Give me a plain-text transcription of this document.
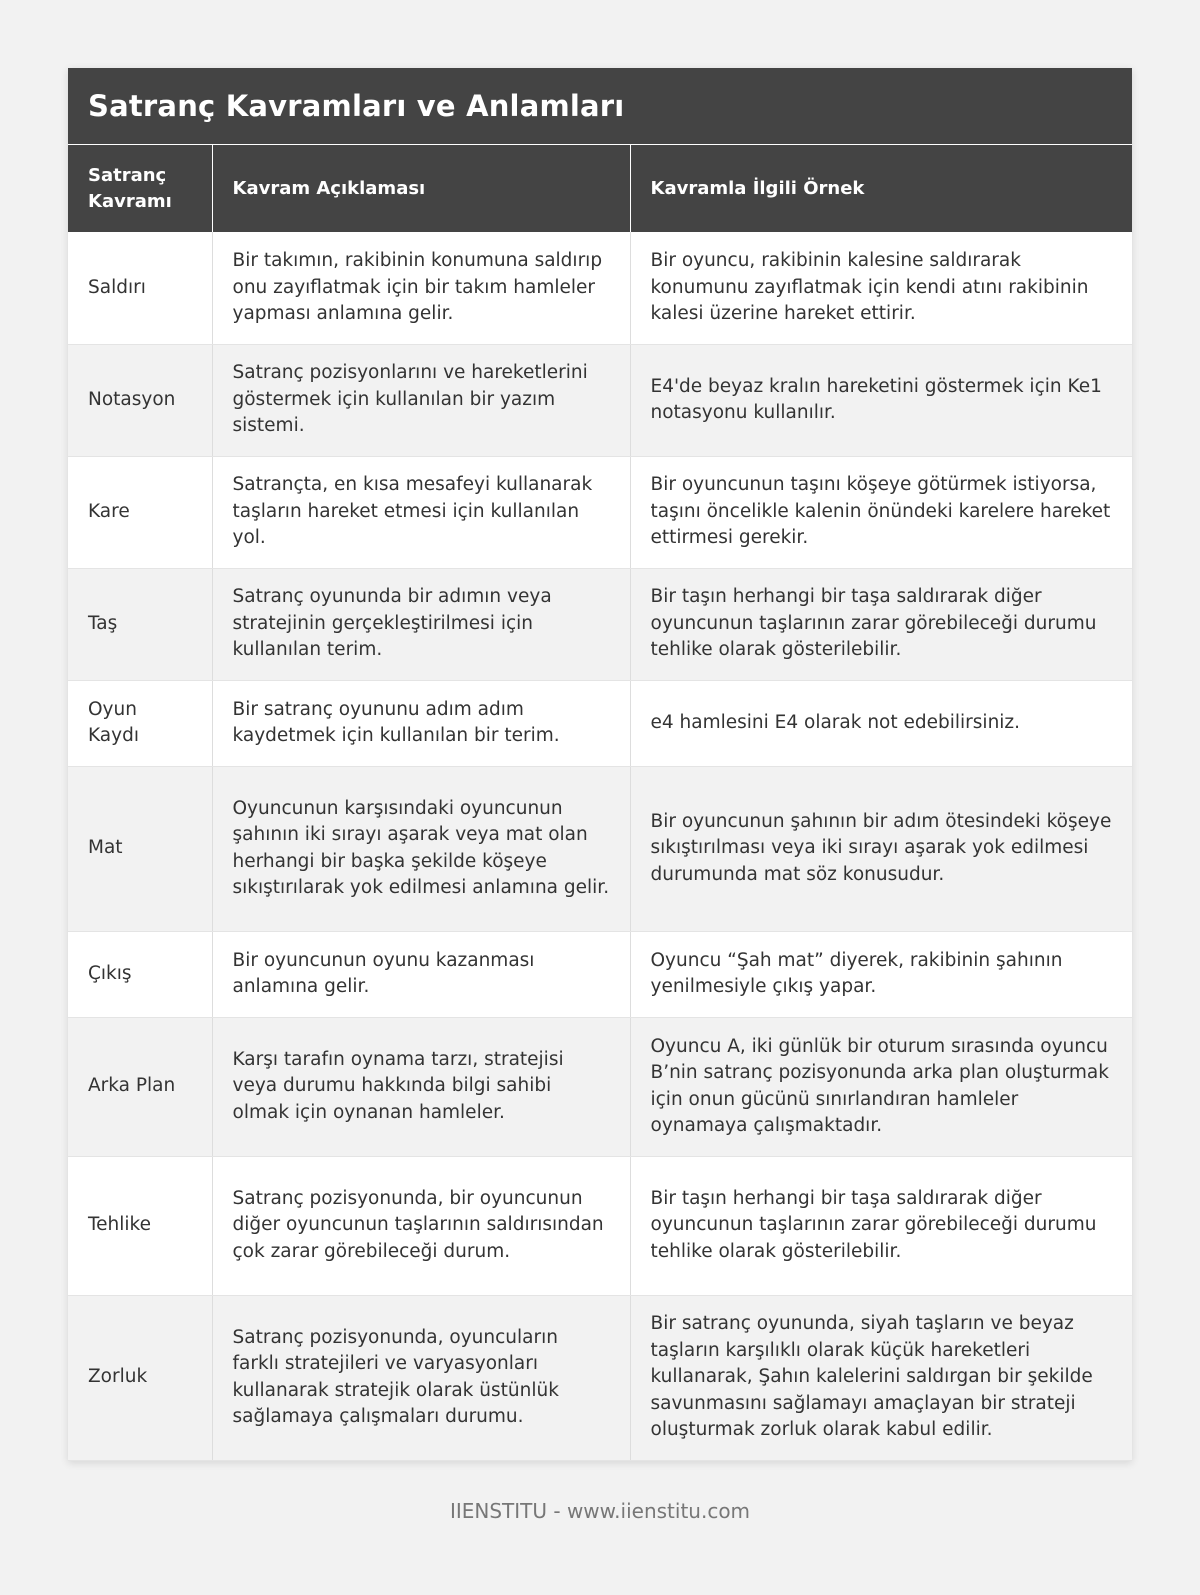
Satranç Kavramları ve Anlamları
Satranç Kavramı	Kavram Açıklaması	Kavramla İlgili Örnek
Saldırı	Bir takımın, rakibinin konumuna saldırıp onu zayıflatmak için bir takım hamleler yapması anlamına gelir.	Bir oyuncu, rakibinin kalesine saldırarak konumunu zayıflatmak için kendi atını rakibinin kalesi üzerine hareket ettirir.
Notasyon	Satranç pozisyonlarını ve hareketlerini göstermek için kullanılan bir yazım sistemi.	E4'de beyaz kralın hareketini göstermek için Ke1 notasyonu kullanılır.
Kare	Satrançta, en kısa mesafeyi kullanarak taşların hareket etmesi için kullanılan yol.	Bir oyuncunun taşını köşeye götürmek istiyorsa, taşını öncelikle kalenin önündeki karelere hareket ettirmesi gerekir.
Taş	Satranç oyununda bir adımın veya stratejinin gerçekleştirilmesi için kullanılan terim.	Bir taşın herhangi bir taşa saldırarak diğer oyuncunun taşlarının zarar görebileceği durumu tehlike olarak gösterilebilir.
Oyun Kaydı	Bir satranç oyununu adım adım kaydetmek için kullanılan bir terim.	e4 hamlesini E4 olarak not edebilirsiniz.
Mat	Oyuncunun karşısındaki oyuncunun şahının iki sırayı aşarak veya mat olan herhangi bir başka şekilde köşeye sıkıştırılarak yok edilmesi anlamına gelir.	Bir oyuncunun şahının bir adım ötesindeki köşeye sıkıştırılması veya iki sırayı aşarak yok edilmesi durumunda mat söz konusudur.
Çıkış	Bir oyuncunun oyunu kazanması anlamına gelir.	Oyuncu “Şah mat” diyerek, rakibinin şahının yenilmesiyle çıkış yapar.
Arka Plan	Karşı tarafın oynama tarzı, stratejisi veya durumu hakkında bilgi sahibi olmak için oynanan hamleler.	Oyuncu A, iki günlük bir oturum sırasında oyuncu B’nin satranç pozisyonunda arka plan oluşturmak için onun gücünü sınırlandıran hamleler oynamaya çalışmaktadır.
Tehlike	Satranç pozisyonunda, bir oyuncunun diğer oyuncunun taşlarının saldırısından çok zarar görebileceği durum.	Bir taşın herhangi bir taşa saldırarak diğer oyuncunun taşlarının zarar görebileceği durumu tehlike olarak gösterilebilir.
Zorluk	Satranç pozisyonunda, oyuncuların farklı stratejileri ve varyasyonları kullanarak stratejik olarak üstünlük sağlamaya çalışmaları durumu.	Bir satranç oyununda, siyah taşların ve beyaz taşların karşılıklı olarak küçük hareketleri kullanarak, Şahın kalelerini saldırgan bir şekilde savunmasını sağlamayı amaçlayan bir strateji oluşturmak zorluk olarak kabul edilir.
IIENSTITU - www.iienstitu.com
